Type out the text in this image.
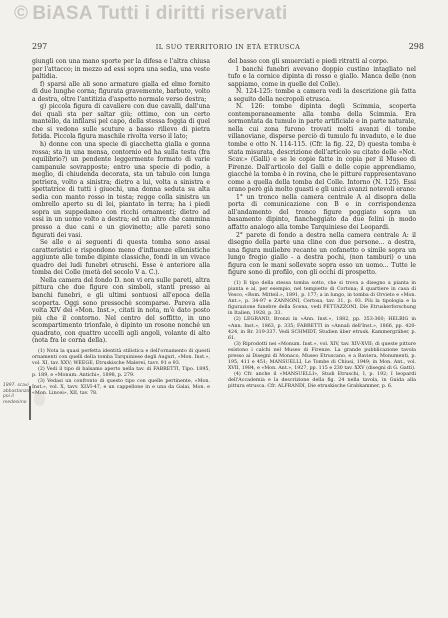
© BiASA Tutti i diritti riservati
297	IL SUO TERRITORIO IN ETÀ ETRUSCA	298

giungli con una mano sporte per la difesa e l'altra chiusa per l'attacco; in mezzo ad essi sopra una sedia, una veste paltidia.

f) sparsi alle ali sono armature gialla ed elmo fornito di due lunghe corna; figurata gravemente, barbuto, volto a destra, oltre l'antitizia d'aspetto normale verso destra;

g) piccola figura di cavaliere con due cavalli, dall'una dei quali sta per saltar giù; ottimo, con un certo mantello, da infilarsi pel capo, della stessa foggia di quel che si vedono sulle scuture a basso rilievo di pietra fetida. Piccola figura maschile rivolta verso il lato;

h) donne con una specie di giacchetta gialla e gonna rossa; sta in una mensa, contornio ed ha sulla testa (fra equilibrio?) un pendente leggermente formato di varie campanule sovrapposte; entro una specie di podio, a meglio, di chiudenda decorata, sta un tabulo con lunga petriera, volto a sinistra; dietro a lui, volta a sinistra e spettatrice di tutti i giuochi, una donna seduta su alta sedia con manto rosso in testa; regge colla sinistra un ombrello aperto su di lei, piantato in terra; ha i piedi sopra un suppedaneo con ricchi ornamenti; dietro ad essi in un uomo volto a destra; ed un altro che cammina presso a due cani e un giovinetto; alle pareti sono figurati dei vasi.

Se alle e ai seguenti di questa tomba sono assai caratteristici e rispondono meno d'influenze ellenistiche aggiunte alle tombe dipinte classiche, fondi in un vivace quadro dei ludi funebri etruschi. Esse è anteriore alla tomba dei Colle (metà del secolo V a. C.).

Nella camera del fondo D. non vi era sulle pareti, altra pittura che due figure con simboli, stanti presso ai banchi funebri, e gli ultimi sontuosi all'epoca della scoperta. Oggi sono pressochè scomparse. Pareva alla volta XIV dei «Mon. Inst.», citati in nota, m'è dato posto più che il contorno. Nel centro del soffitto, in uno scompartimento trionfale, è dipinto un rosone nonché un quadrato, con quattro uccelli agli angoli, volante di alto (nota fra le corna della).

(1) Nota la quasi perfetta identità stilistica e dell'ornamento di questi ornamenti con quelli della tomba Tarquiniese degli Auguri, «Mon. Inst.», vol. XI, tav. XXV; WEEGE, Etruskische Malerei, tavv. 91 e 93.

(2) Vedi il tipo di balsamo aperto nella tav. di FABRETTI, Tipo. 1895, p. 189, e «Monum. Antichi», 1898, p. 279.

(3) Vedasi un confronto di questo tipo con quelle pertinente, «Mon. Inst.», vol. X, tavv. XLVI-47, e un cappellone in e una da Galai, Mon. e «Mon. Lincei», XII, tav. 78.

del basso con gli smuerciati e piedi ritratti al corpo.

I banchi funebri avevano doppio custino intagliato nel tufo e la cornice dipinta di rosso e giallo. Manca delle (non sappiamo, come in quelle del Colle).

N. 124-125: tombe a camera vedi la descrizione già fatta a seguito della necropoli etrusca.

N. 126: tombe dipinta degli Scimmia, scoperta contemporaneamente alla tomba della Scimmia. Era sormontata da tumulo in parte artificiale e in parte naturale, nella cui zona furono trovati molti avanzi di tombe villanoviane, disperse perciò di tumulo fu invaduto, e le due tombe e otto N. 114-115. (Cfr. la fig. 22, D) questa tomba è stata misurata, descrizione dell'articolo su citato delle «Not. Scav.» (Galli) e se le copie fatte in copia per il Museo di Firenze. Dall'articolo del Galli e delle copie apprendiamo, giacché la tomba è in rovina, che le pitture rappresentavano come a quella della tomba del Colle. Intorno (N. 125). Essi erano però già molto guasti e gli unici avanzi notevoli erano:

1° un tronco nella camera centrale A al disopra della porta di comunicazione con B e in corrispondenza all'andamento del tronco figure poggiato sopra un basamento dipinto, fiancheggiato da due felini in modo affatto analogo alla tombe Tarquiniese dei Leopardi.

2° parete di fondo a destra nella camera centrale A: il disegno della parte una cline con due persone... a destra, una figura muliebre recante un cofanetto o simile sopra un lungo fregio giallo - a destra pochi, (non tamburi) o una figura con le mani sollevate sopra esso un uomo... Tutte le figure sono di profilo, con gli occhi di prospetto.

(1) Il tipo della stessa tomba sotto, che si trova a disegno a pianta in pianta e al, per esempio, nel tempietto di Cortona; il quartiere in casa di Vesco, «Rom. Mitteil.», 1891, p. 177; a in lungo, in tomba di Orvieto e «Mon. Ant.», p. 34-97 e ZANNONI, Certosa, tav. 31, p. 93. Più la tipologia e la figurazione funebre della Scena, vedi PETTAZZONI, Die Etruskerforschung in Italien, 1928, p. 33.

(2) LEGRAND, Bronzi in «Ann. Inst.», 1882, pp. 353-360; HELBIG in «Ann. Inst.», 1863, p. 335; FABRETTI in «Annali dell'Inst.», 1866, pp. 420-424, in Br. 319-337. Vedi SCHMIDT, Studien über etrusk. Kammergräber, p. 61.

(3) Riprodotti nei «Monum. Inst.», vol. XIV, tav. XIV-XVII; di queste pitture esistono i calchi nel Museo di Firenze. La grande pubblicazione tavola presso ai Disegni di Monaco, Museo Etruscano, e a Baviera, Monumenti, p. 195, 411 e 451; MANSUELLI, Le Tombe di Chiusi, 1949; in Mon. Ant., vol. XVII, 1984, e «Mon. Ant.», 1927, pp. 115 e 230 tav. XXV (disegni di G. Gatti).

(4) Cfr. anche il «MANSUELLI», Studi Etruschi, I, p. 192; I leopardi dell'Accademia e la descrizione della fig. 24 nella tavola, in Guida alla pittura etrusca. Cfr. ALFRANDI, Die etruskische Grabkammer, p. 6.

1897. scavi abbastanza poi il medesimo
